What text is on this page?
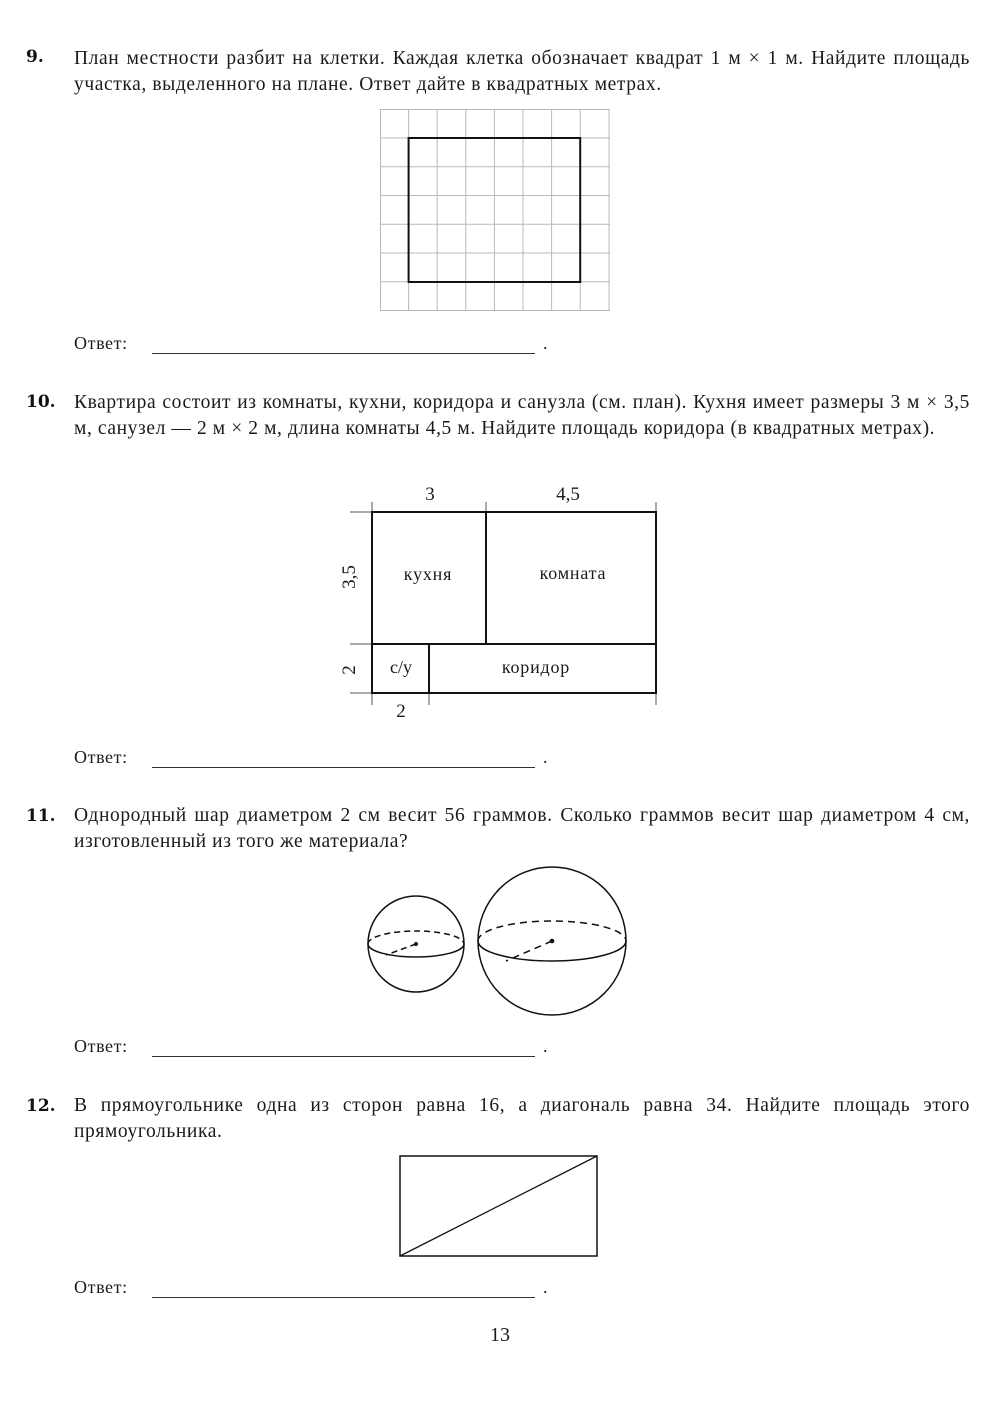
9. План местности разбит на клетки. Каждая клетка обозначает квадрат 1 м × 1 м. Найдите площадь участка, выделенного на плане. Ответ дайте в квадратных метрах.
Ответ:	.
10. Квартира состоит из комнаты, кухни, коридора и санузла (см. план). Кухня имеет размеры 3 м × 3,5 м, санузел — 2 м × 2 м, длина комнаты 4,5 м. Найдите площадь коридора (в квадратных метрах).
3	4,5
3,5
2
2
кухня	комната
с/у	коридор
Ответ:	.
11. Однородный шар диаметром 2 см весит 56 граммов. Сколько граммов весит шар диаметром 4 см, изготовленный из того же материала?
Ответ:	.
12. В прямоугольнике одна из сторон равна 16, а диагональ равна 34. Найдите площадь этого прямоугольника.
Ответ:	.
13
